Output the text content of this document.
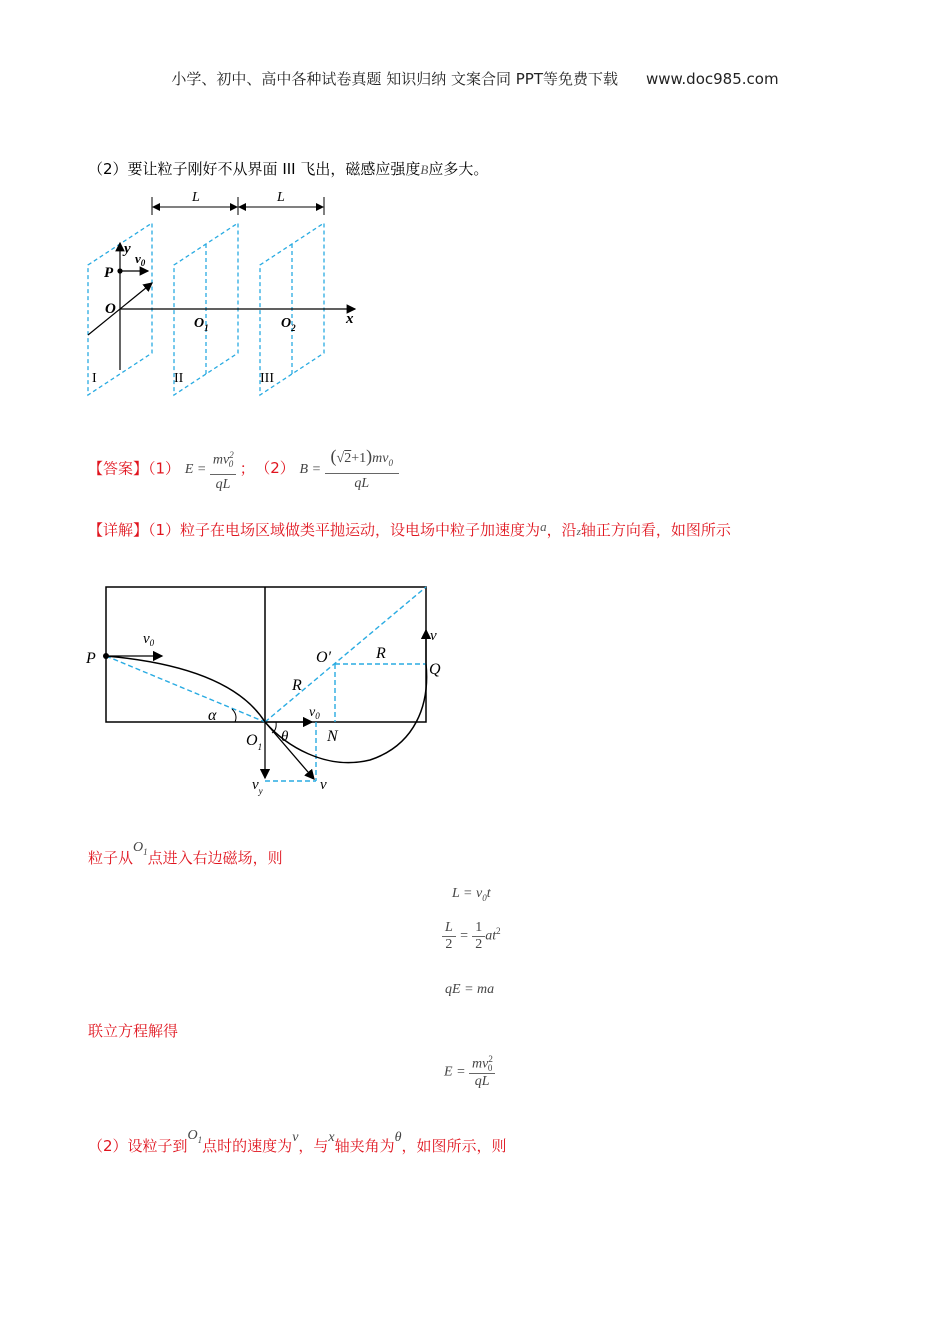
小学、初中、高中各种试卷真题 知识归纳 文案合同 PPT等免费下载 www.doc985.com
（2）要让粒子刚好不从界面 III 飞出，磁感应强度B应多大。
L	L
y
x
P
O
$v_0$
$O_1$	$O_2$
I	II	III
【答案】（1） $E = \frac{mv^2_0}{qL}$ ； （2） $B = \frac{(√2+1)mv_0}{qL}$
【详解】（1）粒子在电场区域做类平抛运动，设电场中粒子加速度为a，沿z轴正方向看，如图所示
P
$v_0$
O′	R
R
Q
v
α
θ
$O_1$
$v_0$
N
$v_y$	v
粒子从$O_1$点进入右边磁场，则
$L = v_0t$
$\frac{L}{2} = \frac{1}{2} at^2$
qE = ma
联立方程解得
$E = \frac{mv^2_0}{qL}$
（2）设粒子到$O_1$点时的速度为v，与x轴夹角为θ，如图所示，则
